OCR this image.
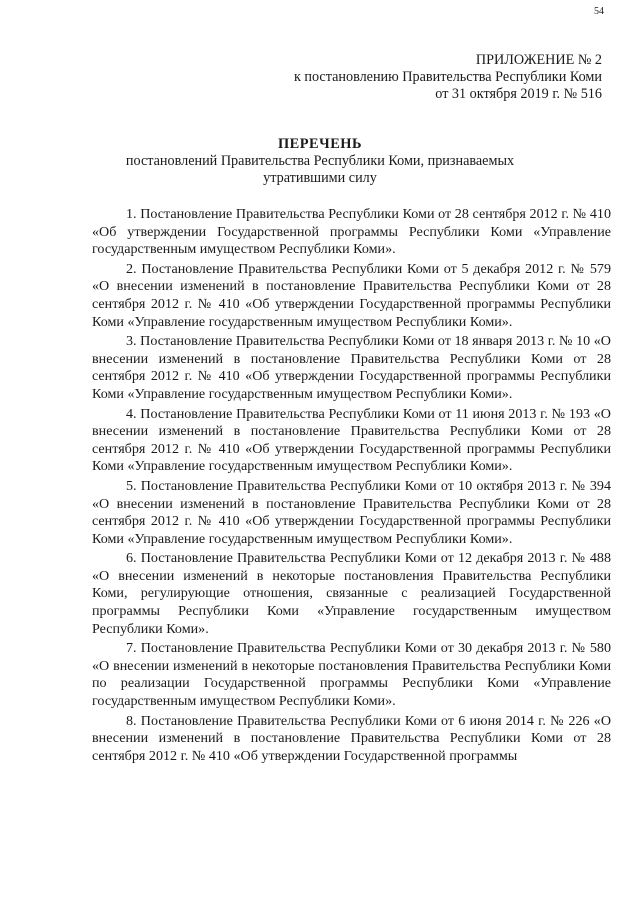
54
ПРИЛОЖЕНИЕ № 2
к постановлению Правительства Республики Коми
от 31 октября 2019 г. № 516
ПЕРЕЧЕНЬ
постановлений Правительства Республики Коми, признаваемых
утратившими силу

1. Постановление Правительства Республики Коми от 28 сентября 2012 г. № 410 «Об утверждении Государственной программы Республики Коми «Управление государственным имуществом Республики Коми».

2. Постановление Правительства Республики Коми от 5 декабря 2012 г. № 579 «О внесении изменений в постановление Правительства Республики Коми от 28 сентября 2012 г. № 410 «Об утверждении Государственной программы Республики Коми «Управление государственным имуществом Республики Коми».

3. Постановление Правительства Республики Коми от 18 января 2013 г. № 10 «О внесении изменений в постановление Правительства Республики Коми от 28 сентября 2012 г. № 410 «Об утверждении Государственной программы Республики Коми «Управление государственным имуществом Республики Коми».

4. Постановление Правительства Республики Коми от 11 июня 2013 г. № 193 «О внесении изменений в постановление Правительства Республики Коми от 28 сентября 2012 г. № 410 «Об утверждении Государственной программы Республики Коми «Управление государственным имуществом Республики Коми».

5. Постановление Правительства Республики Коми от 10 октября 2013 г. № 394 «О внесении изменений в постановление Правительства Республики Коми от 28 сентября 2012 г. № 410 «Об утверждении Государственной программы Республики Коми «Управление государственным имуществом Республики Коми».

6. Постановление Правительства Республики Коми от 12 декабря 2013 г. № 488 «О внесении изменений в некоторые постановления Правительства Республики Коми, регулирующие отношения, связанные с реализацией Государственной программы Республики Коми «Управление государственным имуществом Республики Коми».

7. Постановление Правительства Республики Коми от 30 декабря 2013 г. № 580 «О внесении изменений в некоторые постановления Правительства Республики Коми по реализации Государственной программы Республики Коми «Управление государственным имуществом Республики Коми».

8. Постановление Правительства Республики Коми от 6 июня 2014 г. № 226 «О внесении изменений в постановление Правительства Республики Коми от 28 сентября 2012 г. № 410 «Об утверждении Государственной программы
